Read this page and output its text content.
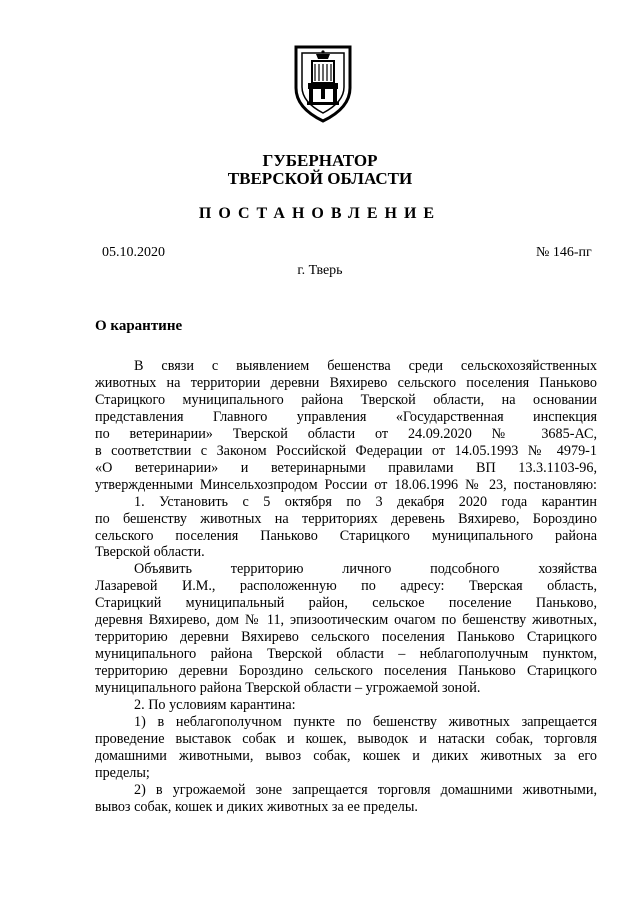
ГУБЕРНАТОР
ТВЕРСКОЙ ОБЛАСТИ
ПОСТАНОВЛЕНИЕ
05.10.2020	№ 146-пг
г. Тверь
О карантине

В связи с выявлением бешенства среди сельскохозяйственных

животных на территории деревни Вяхирево сельского поселения Паньково

Старицкого муниципального района Тверской области, на основании

представления Главного управления «Государственная инспекция

по ветеринарии» Тверской области от 24.09.2020 № 3685-АС,

в соответствии с Законом Российской Федерации от 14.05.1993 № 4979-1

«О ветеринарии» и ветеринарными правилами ВП 13.3.1103-96,

утвержденными Минсельхозпродом России от 18.06.1996 № 23, постановляю:

1. Установить с 5 октября по 3 декабря 2020 года карантин

по бешенству животных на территориях деревень Вяхирево, Бороздино

сельского поселения Паньково Старицкого муниципального района

Тверской области.

Объявить территорию личного подсобного хозяйства

Лазаревой И.М., расположенную по адресу: Тверская область,

Старицкий муниципальный район, сельское поселение Паньково,

деревня Вяхирево, дом № 11, эпизоотическим очагом по бешенству животных,

территорию деревни Вяхирево сельского поселения Паньково Старицкого

муниципального района Тверской области – неблагополучным пунктом,

территорию деревни Бороздино сельского поселения Паньково Старицкого

муниципального района Тверской области – угрожаемой зоной.

2. По условиям карантина:

1) в неблагополучном пункте по бешенству животных запрещается

проведение выставок собак и кошек, выводок и натаски собак, торговля

домашними животными, вывоз собак, кошек и диких животных за его

пределы;

2) в угрожаемой зоне запрещается торговля домашними животными,

вывоз собак, кошек и диких животных за ее пределы.
